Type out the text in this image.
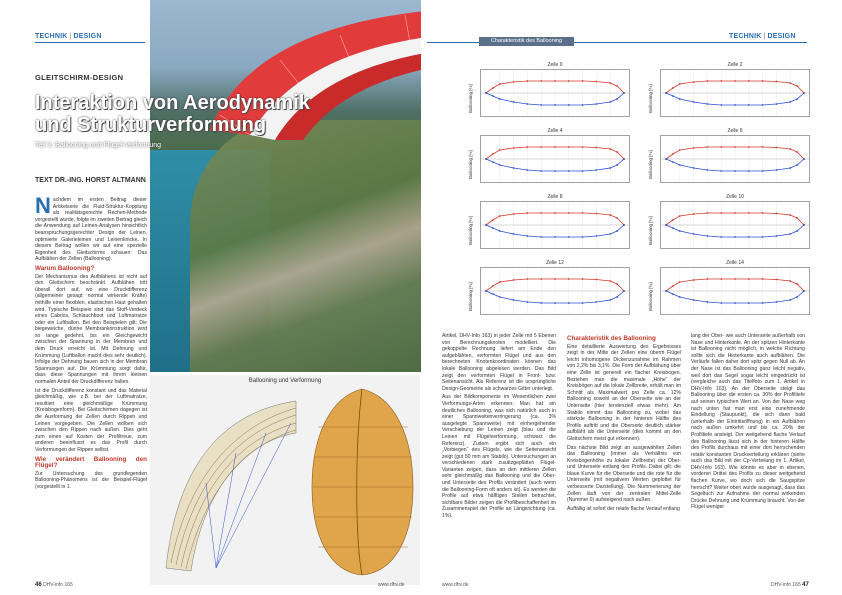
TECHNIK | DESIGN
GLEITSCHIRM-DESIGN
Interaktion von Aerodynamik
und Strukturverformung
Teil 3: Ballooning und Flügel-Verformung
TEXT DR.-ING. HORST ALTMANN

Nachdem im ersten Beitrag dieser Artikelserie die Fluid-Struktur-Kopplung als realitätsgerechte Rechen-Methode vorgestellt wurde, folgte im zweiten Beitrag gleich die Anwendung auf Leinen-Analysen hinsichtlich beanspruchungsgerechter Design der Leinen, optimierte Galerieleinen und Leinenknicke. In diesem Beitrag wollen wir auf eine spezielle Eigenheit des Gleitschirms schauen: Das Aufblähen der Zellen (Ballooning).

Warum Ballooning?

Der Mechanismus des Aufblähens ist nicht auf den Gleitschirm beschränkt. Aufblähen tritt überall dort auf, wo eine Druckdifferenz (allgemeiner gesagt: normal wirkende Kräfte) mithilfe einer flexiblen, elastischen Haut gehalten wird. Typische Beispiele sind das Stoff-Verdeck eines Cabrios, Schlauchboot und Luftmatratze oder ein Luftballon. Bei den Beispielen gilt: Die biegeweiche, dünne Membrankonstruktion wird so lange gedehnt, bis ein Gleichgewicht zwischen der Spannung in der Membran und dem Druck erreicht ist. Mit Dehnung und Krümmung (Luftballon macht dies sehr deutlich). Infolge der Dehnung bauen sich in der Membran Spannungen auf. Die Krümmung sorgt dafür, dass diese Spannungen mit ihrem kleinen normalen Anteil der Druckdifferenz halten.

Ist die Druckdifferenz konstant und das Material gleichmäßig, wie z.B. bei der Luftmatratze, resultiert eine gleichmäßige Krümmung (Kreisbogenform). Bei Gleitschirmen dagegen ist die Ausformung der Zellen durch Rippen und Leinen vorgegeben. Die Zellen wölben sich zwischen den Rippen nach außen. Dies geht zum einen auf Kosten der Profiltreue, zum anderen beeinflusst es das Profil durch Verformungen der Rippen selbst.

Wie verändert Ballooning den Flügel?

Zur Untersuchung des grundlegenden Ballooning-Phänomens ist der Beispiel-Flügel (vorgestellt in 1.

Ballooning und Verformung
46 DHV-info 165	www.dhv.de
TECHNIK | DESIGN
Charakteristik des Ballooning
Zelle 0
Ballooning [%]
Zelle 2
Ballooning [%]
Zelle 4
Ballooning [%]
Zelle 6
Ballooning [%]
Zelle 8
Ballooning [%]
Zelle 10
Ballooning [%]
Zelle 12
Ballooning [%]
Zelle 14
Ballooning [%]

Artikel, DHV-Info 163) in jeder Zelle mit 5 Ebenen von Berechnungsknoten modelliert. Die gekoppelte Rechnung liefert am Ende den aufgeblähten, verformten Flügel und aus den berechneten Knotenkoordinaten können das lokale Ballooning abgelesen werden. Das Bild zeigt den verformten Flügel in Front- bzw. Seitenansicht. Als Referenz ist die ursprüngliche Design-Geometrie als schwarzes Gitter unterlegt.

Aus der Bildkomponente im Wesentlichen zwei Verformungs-Arten erkennen: Man hat ein deutliches Ballooning, was sich natürlich auch in einer Spannweitenverringerung (ca. 3% ausgelegte Spannweite) mit einhergehender Verschiebung der Leinen zeigt (blau und die Leinen mit Flügelverformung, schwarz die Referenz). Zudem ergibt sich auch ein „Vorbiegen“ des Flügels, wie die Seitenansicht zeigt (gut 50 mm am Stabilo). Untersuchungen an verschiedenen stark zusätzgeplätten Flügel-Varianten zeigen, dass an den mittleren Zellen sehr gleichmäßig das Ballooning und die Ober- und Unterseite des Profils verändert (auch wenn die Ballooning-Form oft anders ist). Es werden die Profile auf etwa hälftigen Stellen betrachtet, sichtbare Bilder zeigen die Profilbeschaffenheit im Zusammenspiel der Profile an Längsrichtung (ca. 1%).

Charakteristik des Ballooning

Eine detaillierte Auswertung des Ergebnisses zeigt in der Mitte der Zellen eine überm Flügel leicht inhomogene Dickenzunahme im Rahmen von 2,2% bis 3,1%. Die Form der Aufblähung über eine Zelle ist generell ein flacher Kreisbogen. Beziehen man die maximale „Höhe“ der Kreisbögen auf die lokale Zellbreite, erhält man im Schnitt als Maximalwert pro Zelle ca. 12% Ballooning sowohl an der Oberseite wie an der Unterseite (hier tendenziell etwas mehr). Am Stabilo nimmt das Ballooning zu, wobei das stärkste Ballooning in der hinteren Hälfte des Profils auftritt und die Oberseite deutlich stärker aufbläht als die Unterseite (dies kommt an den Gleitschirm meist gut erkennen).

Das nächste Bild zeigt an ausgewählten Zellen das Ballooning (immer als Verhältnis von Kreisbogenhöhe zu lokaler Zellbreite) der Ober- und Unterseite entlang des Profils. Dabei gilt: die blaue Kurve für die Oberseite und die rote für die Unterseite (mit negativem Werten geplottet für verbesserte Darstellung). Die Nummerierung der Zellen läuft von der zentralen Mittel-Zelle (Nummer 0) aufsteigend nach außen.

Auffällig ist sofort der relativ flache Verlauf entlang

lang der Ober- wie auch Unterseite außerhalb von Nase und Hinterkante. An der spitzen Hinterkante ist Ballooning nicht möglich, in welche Richtung sollte sich die Hinterkante auch aufblähen. Die Verläufe fallen daher dort spitz gegen Null ab. An der Nase ist das Ballooning ganz leicht negativ, weil dort das Segel sogar leicht eingedrückt ist (vergleiche auch das Titelfoto zum 1. Artikel in DHV-Info 163). An der Oberseite steigt das Ballooning über die ersten ca. 30% der Profiltiefe auf seinen typischen Wert an. Von der Nase weg nach unten hat man erst eine zunehmende Eindellung (Staupunkt), die sich dann bald (unterhalb der Eintrittsöffnung) in ein Aufblähen nach außen umkehrt und bis ca. 20% der Profiltiefe ansteigt. Der weitgehend flache Verlauf des Ballooning lässt sich in der hinteren Hälfte des Profils durchaus mit einer dort herrschenden relativ konstanten Druckverteilung erklären (siehe auch das Bild mit der Cp-Verteilung im 1. Artikel, DHV-Info 163). Wie könnte es aber in ebenen, vorderen Drittel des Profils zu dieser weitgehend flachen Kurve, wo doch sich die Saugspitze herrscht? Weiter oben wurde ausgesagt, dass das Segeltuch zur Aufnahme der normal wirkenden Drücke Dehnung und Krümmung braucht. Von der Flügel weniger

www.dhv.de	DHV-info 165 47
